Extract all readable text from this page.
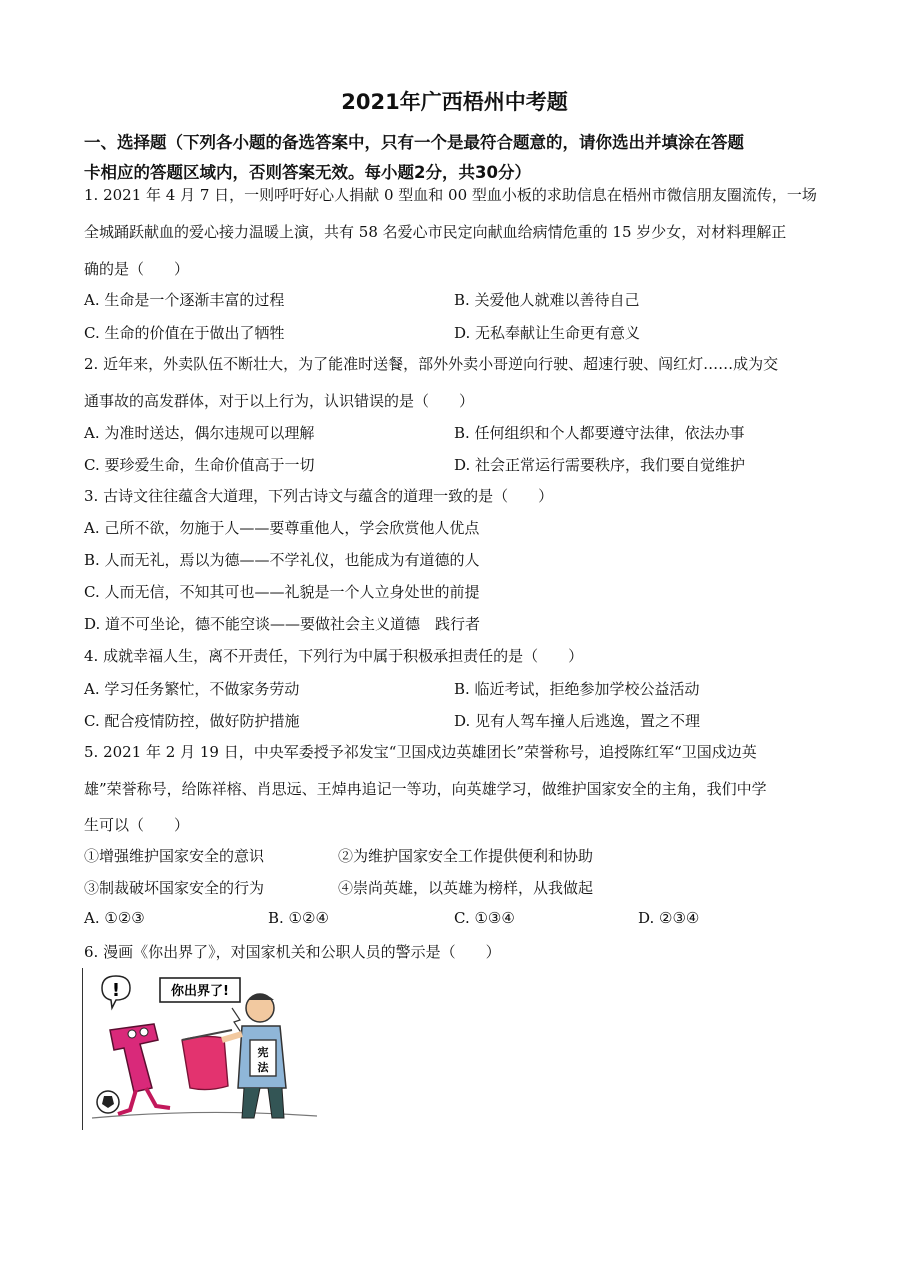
2021年广西梧州中考题
一、选择题（下列各小题的备选答案中，只有一个是最符合题意的，请你选出并填涂在答题
卡相应的答题区域内，否则答案无效。每小题2分，共30分）
1. 2021 年 4 月 7 日，一则呼吁好心人捐献 0 型血和 00 型血小板的求助信息在梧州市微信朋友圈流传，一场
全城踊跃献血的爱心接力温暖上演，共有 58 名爱心市民定向献血给病情危重的 15 岁少女，对材料理解正
确的是（　　）
A. 生命是一个逐渐丰富的过程	B. 关爱他人就难以善待自己
C. 生命的价值在于做出了牺牲	D. 无私奉献让生命更有意义
2. 近年来，外卖队伍不断壮大，为了能准时送餐，部外外卖小哥逆向行驶、超速行驶、闯红灯……成为交
通事故的高发群体，对于以上行为，认识错误的是（　　）
A. 为准时送达，偶尔违规可以理解	B. 任何组织和个人都要遵守法律，依法办事
C. 要珍爱生命，生命价值高于一切	D. 社会正常运行需要秩序，我们要自觉维护
3. 古诗文往往蕴含大道理，下列古诗文与蕴含的道理一致的是（　　）
A. 己所不欲，勿施于人——要尊重他人，学会欣赏他人优点
B. 人而无礼，焉以为德——不学礼仪，也能成为有道德的人
C. 人而无信，不知其可也——礼貌是一个人立身处世的前提
D. 道不可坐论，德不能空谈——要做社会主义道德　践行者
4. 成就幸福人生，离不开责任，下列行为中属于积极承担责任的是（　　）
A. 学习任务繁忙，不做家务劳动	B. 临近考试，拒绝参加学校公益活动
C. 配合疫情防控，做好防护措施	D. 见有人驾车撞人后逃逸，置之不理
5. 2021 年 2 月 19 日，中央军委授予祁发宝“卫国戍边英雄团长”荣誉称号，追授陈红军“卫国戍边英
雄”荣誉称号，给陈祥榕、肖思远、王焯冉追记一等功，向英雄学习，做维护国家安全的主角，我们中学
生可以（　　）
①增强维护国家安全的意识	②为维护国家安全工作提供便利和协助
③制裁破坏国家安全的行为	④崇尚英雄，以英雄为榜样，从我做起
A. ①②③	B. ①②④	C. ①③④	D. ②③④
6. 漫画《你出界了》，对国家机关和公职人员的警示是（　　）
你出界了!
!
宪
法
